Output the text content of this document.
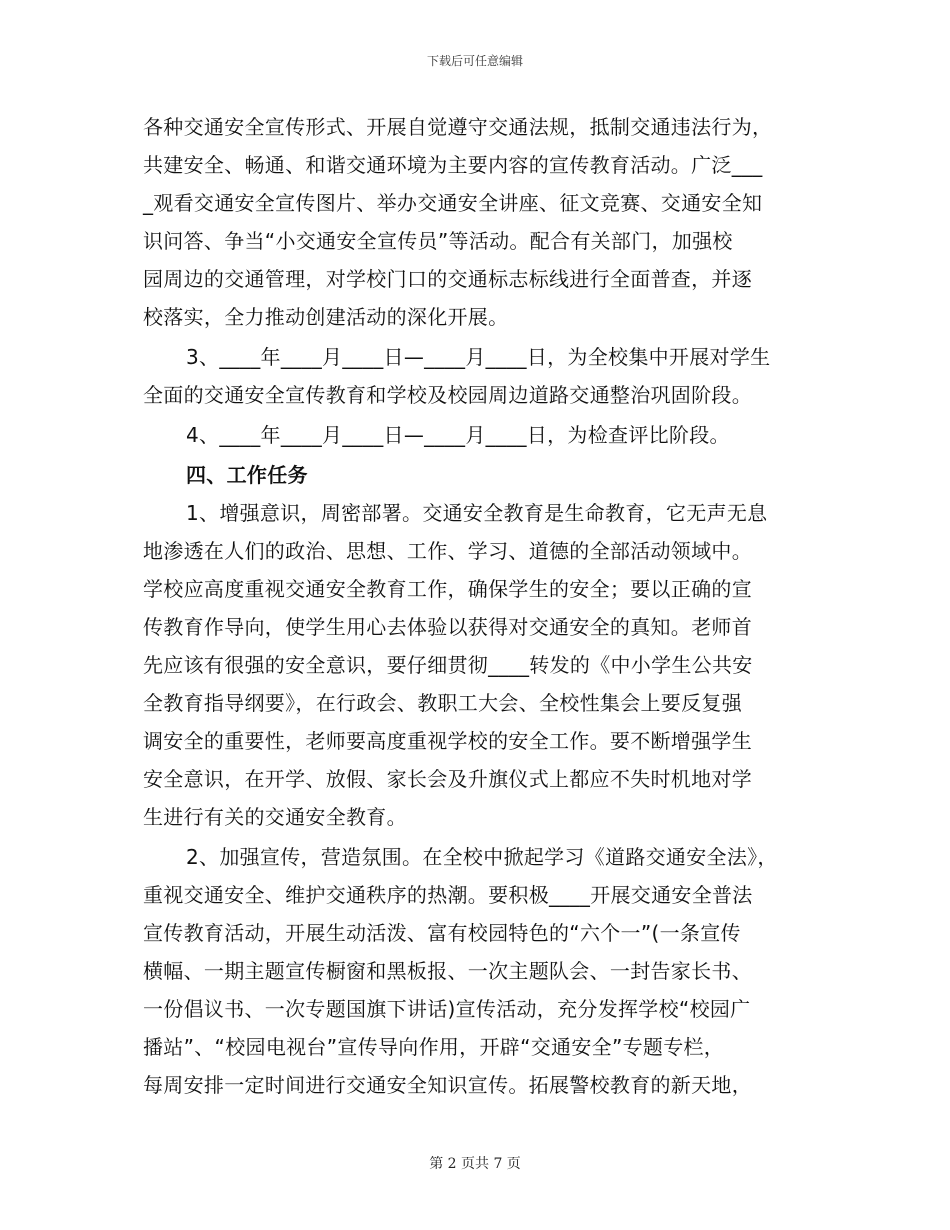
下载后可任意编辑
各种交通安全宣传形式、开展自觉遵守交通法规，抵制交通违法行为，
共建安全、畅通、和谐交通环境为主要内容的宣传教育活动。广泛___
_观看交通安全宣传图片、举办交通安全讲座、征文竞赛、交通安全知
识问答、争当“小交通安全宣传员”等活动。配合有关部门，加强校
园周边的交通管理，对学校门口的交通标志标线进行全面普查，并逐
校落实，全力推动创建活动的深化开展。
3、____年____月____日—____月____日，为全校集中开展对学生
全面的交通安全宣传教育和学校及校园周边道路交通整治巩固阶段。
4、____年____月____日—____月____日，为检查评比阶段。
四、工作任务
1、增强意识，周密部署。交通安全教育是生命教育，它无声无息
地渗透在人们的政治、思想、工作、学习、道德的全部活动领域中。
学校应高度重视交通安全教育工作，确保学生的安全；要以正确的宣
传教育作导向，使学生用心去体验以获得对交通安全的真知。老师首
先应该有很强的安全意识，要仔细贯彻____转发的《中小学生公共安
全教育指导纲要》，在行政会、教职工大会、全校性集会上要反复强
调安全的重要性，老师要高度重视学校的安全工作。要不断增强学生
安全意识，在开学、放假、家长会及升旗仪式上都应不失时机地对学
生进行有关的交通安全教育。
2、加强宣传，营造氛围。在全校中掀起学习《道路交通安全法》，
重视交通安全、维护交通秩序的热潮。要积极____开展交通安全普法
宣传教育活动，开展生动活泼、富有校园特色的“六个一”(一条宣传
横幅、一期主题宣传橱窗和黑板报、一次主题队会、一封告家长书、
一份倡议书、一次专题国旗下讲话)宣传活动，充分发挥学校“校园广
播站”、“校园电视台”宣传导向作用，开辟“交通安全”专题专栏，
每周安排一定时间进行交通安全知识宣传。拓展警校教育的新天地，
第 2 页共 7 页
